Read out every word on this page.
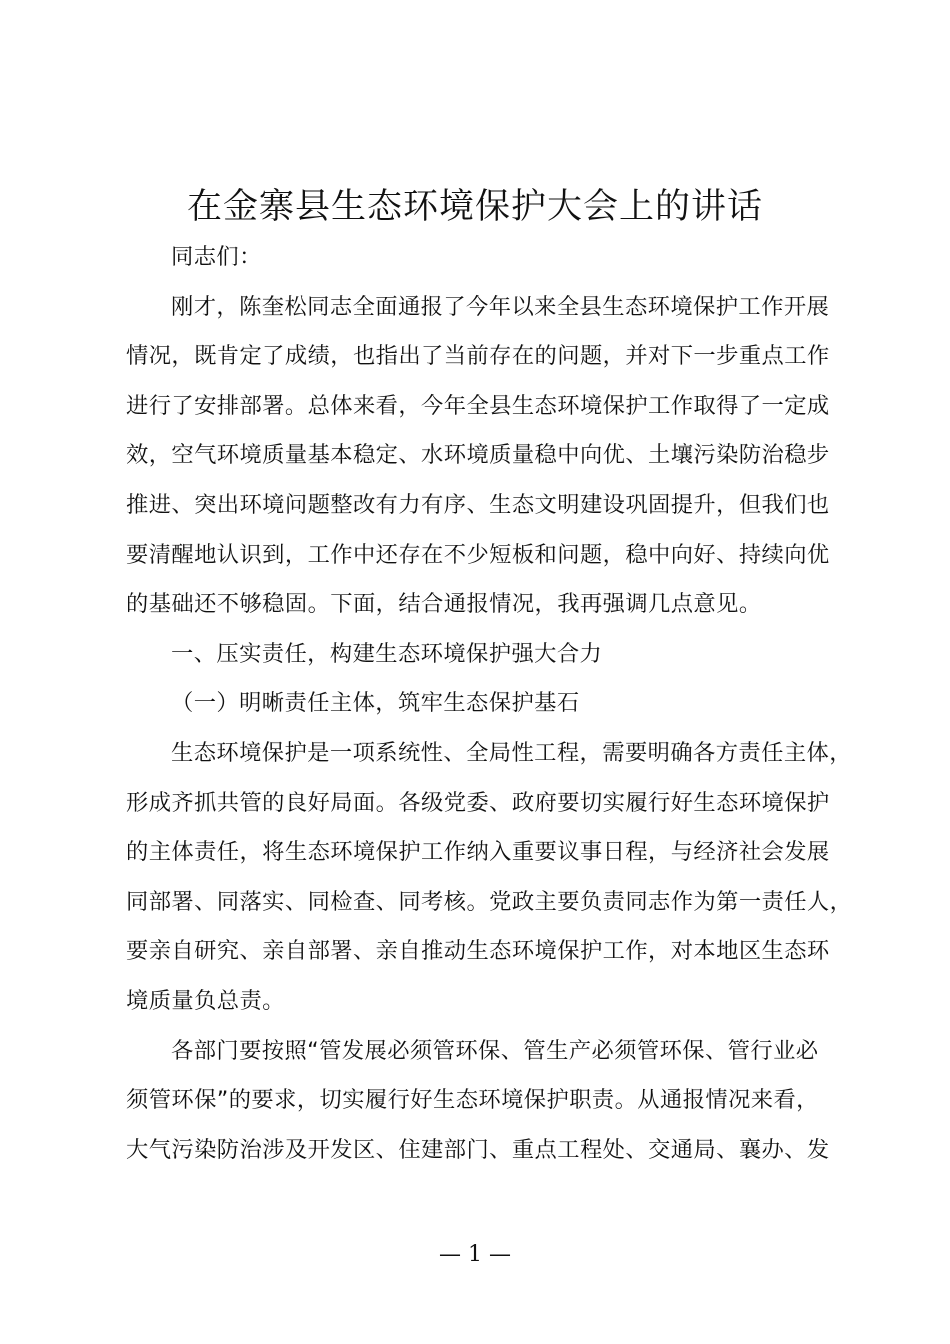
在金寨县生态环境保护大会上的讲话

同志们：

刚才，陈奎松同志全面通报了今年以来全县生态环境保护工作开展
情况，既肯定了成绩，也指出了当前存在的问题，并对下一步重点工作
进行了安排部署。总体来看，今年全县生态环境保护工作取得了一定成
效，空气环境质量基本稳定、水环境质量稳中向优、土壤污染防治稳步
推进、突出环境问题整改有力有序、生态文明建设巩固提升，但我们也
要清醒地认识到，工作中还存在不少短板和问题，稳中向好、持续向优
的基础还不够稳固。下面，结合通报情况，我再强调几点意见。

一、压实责任，构建生态环境保护强大合力

（一）明晰责任主体，筑牢生态保护基石

生态环境保护是一项系统性、全局性工程，需要明确各方责任主体，
形成齐抓共管的良好局面。各级党委、政府要切实履行好生态环境保护
的主体责任，将生态环境保护工作纳入重要议事日程，与经济社会发展
同部署、同落实、同检查、同考核。党政主要负责同志作为第一责任人，
要亲自研究、亲自部署、亲自推动生态环境保护工作，对本地区生态环
境质量负总责。

各部门要按照“管发展必须管环保、管生产必须管环保、管行业必
须管环保”的要求，切实履行好生态环境保护职责。从通报情况来看，
大气污染防治涉及开发区、住建部门、重点工程处、交通局、襄办、发

— 1 —
